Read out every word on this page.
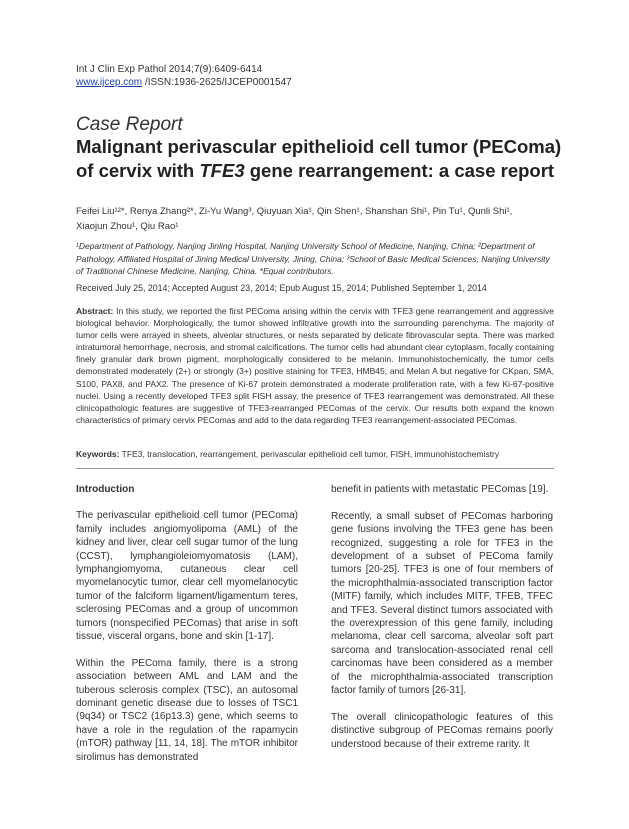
Int J Clin Exp Pathol 2014;7(9):6409-6414
www.ijcep.com /ISSN:1936-2625/IJCEP0001547
Case Report
Malignant perivascular epithelioid cell tumor (PEComa) of cervix with TFE3 gene rearrangement: a case report
Feifei Liu¹²*, Renya Zhang²*, Zi-Yu Wang³, Qiuyuan Xia¹, Qin Shen¹, Shanshan Shi¹, Pin Tu¹, Qunli Shi¹,
Xiaojun Zhou¹, Qiu Rao¹
¹Department of Pathology, Nanjing Jinling Hospital, Nanjing University School of Medicine, Nanjing, China; ²Department of Pathology, Affiliated Hospital of Jining Medical University, Jining, China; ³School of Basic Medical Sciences, Nanjing University of Traditional Chinese Medicine, Nanjing, China. *Equal contributors.
Received July 25, 2014; Accepted August 23, 2014; Epub August 15, 2014; Published September 1, 2014
Abstract: In this study, we reported the first PEComa arising within the cervix with TFE3 gene rearrangement and aggressive biological behavior. Morphologically, the tumor showed infiltrative growth into the surrounding parenchyma. The majority of tumor cells were arrayed in sheets, alveolar structures, or nests separated by delicate fibrovascular septa. There was marked intratumoral hemorrhage, necrosis, and stromal calcifications. The tumor cells had abundant clear cytoplasm, focally containing finely granular dark brown pigment, morphologically considered to be melanin. Immunohistochemically, the tumor cells demonstrated moderately (2+) or strongly (3+) positive staining for TFE3, HMB45, and Melan A but negative for CKpan, SMA, S100, PAX8, and PAX2. The presence of Ki-67 protein demonstrated a moderate proliferation rate, with a few Ki-67-positive nuclei. Using a recently developed TFE3 split FISH assay, the presence of TFE3 rearrangement was demonstrated. All these clinicopathologic features are suggestive of TFE3-rearranged PEComas of the cervix. Our results both expand the known characteristics of primary cervix PEComas and add to the data regarding TFE3 rearrangement-associated PEComas.
Keywords: TFE3, translocation, rearrangement, perivascular epithelioid cell tumor, FISH, immunohistochemistry
Introduction

The perivascular epithelioid cell tumor (PEComa) family includes angiomyolipoma (AML) of the kidney and liver, clear cell sugar tumor of the lung (CCST), lymphangioleiomyomatosis (LAM), lymphangiomyoma, cutaneous clear cell myomelanocytic tumor, clear cell myomelanocytic tumor of the falciform ligament/ligamentum teres, sclerosing PEComas and a group of uncommon tumors (nonspecified PEComas) that arise in soft tissue, visceral organs, bone and skin [1-17].

Within the PEComa family, there is a strong association between AML and LAM and the tuberous sclerosis complex (TSC), an autosomal dominant genetic disease due to losses of TSC1 (9q34) or TSC2 (16p13.3) gene, which seems to have a role in the regulation of the rapamycin (mTOR) pathway [11, 14, 18]. The mTOR inhibitor sirolimus has demonstrated

benefit in patients with metastatic PEComas [19].

Recently, a small subset of PEComas harboring gene fusions involving the TFE3 gene has been recognized, suggesting a role for TFE3 in the development of a subset of PEComa family tumors [20-25]. TFE3 is one of four members of the microphthalmia-associated transcription factor (MITF) family, which includes MITF, TFEB, TFEC and TFE3. Several distinct tumors associated with the overexpression of this gene family, including melanoma, clear cell sarcoma, alveolar soft part sarcoma and translocation-associated renal cell carcinomas have been considered as a member of the microphthalmia-associated transcription factor family of tumors [26-31].

The overall clinicopathologic features of this distinctive subgroup of PEComas remains poorly understood because of their extreme rarity. It
